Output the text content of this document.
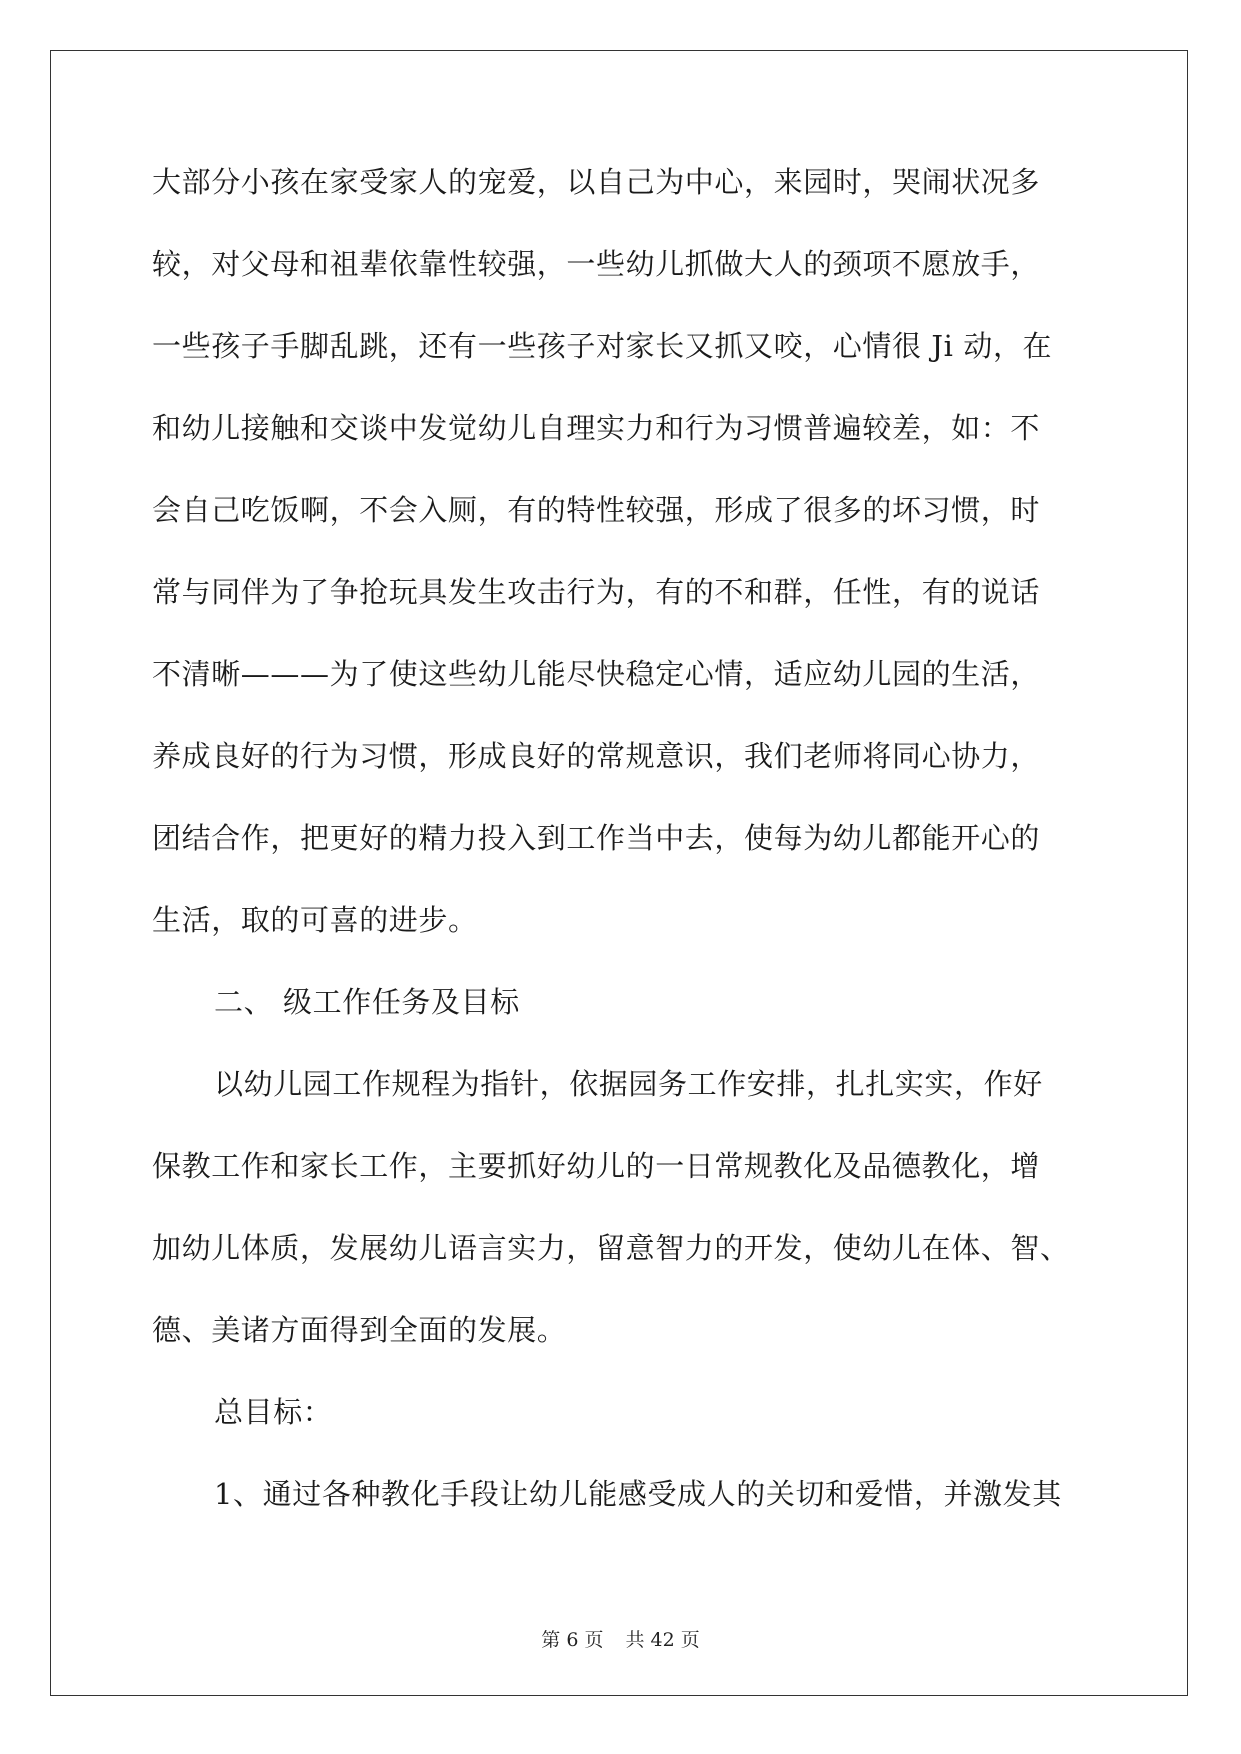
大部分小孩在家受家人的宠爱，以自己为中心，来园时，哭闹状况多
较，对父母和祖辈依靠性较强，一些幼儿抓做大人的颈项不愿放手，
一些孩子手脚乱跳，还有一些孩子对家长又抓又咬，心情很 Ji 动，在
和幼儿接触和交谈中发觉幼儿自理实力和行为习惯普遍较差，如：不
会自己吃饭啊，不会入厕，有的特性较强，形成了很多的坏习惯，时
常与同伴为了争抢玩具发生攻击行为，有的不和群，任性，有的说话
不清晰———为了使这些幼儿能尽快稳定心情，适应幼儿园的生活，
养成良好的行为习惯，形成良好的常规意识，我们老师将同心协力，
团结合作，把更好的精力投入到工作当中去，使每为幼儿都能开心的
生活，取的可喜的进步。
二、 级工作任务及目标
以幼儿园工作规程为指针，依据园务工作安排，扎扎实实，作好
保教工作和家长工作，主要抓好幼儿的一日常规教化及品德教化，增
加幼儿体质，发展幼儿语言实力，留意智力的开发，使幼儿在体、智、
德、美诸方面得到全面的发展。
总目标：
1、通过各种教化手段让幼儿能感受成人的关切和爱惜，并激发其
第 6 页 共 42 页
